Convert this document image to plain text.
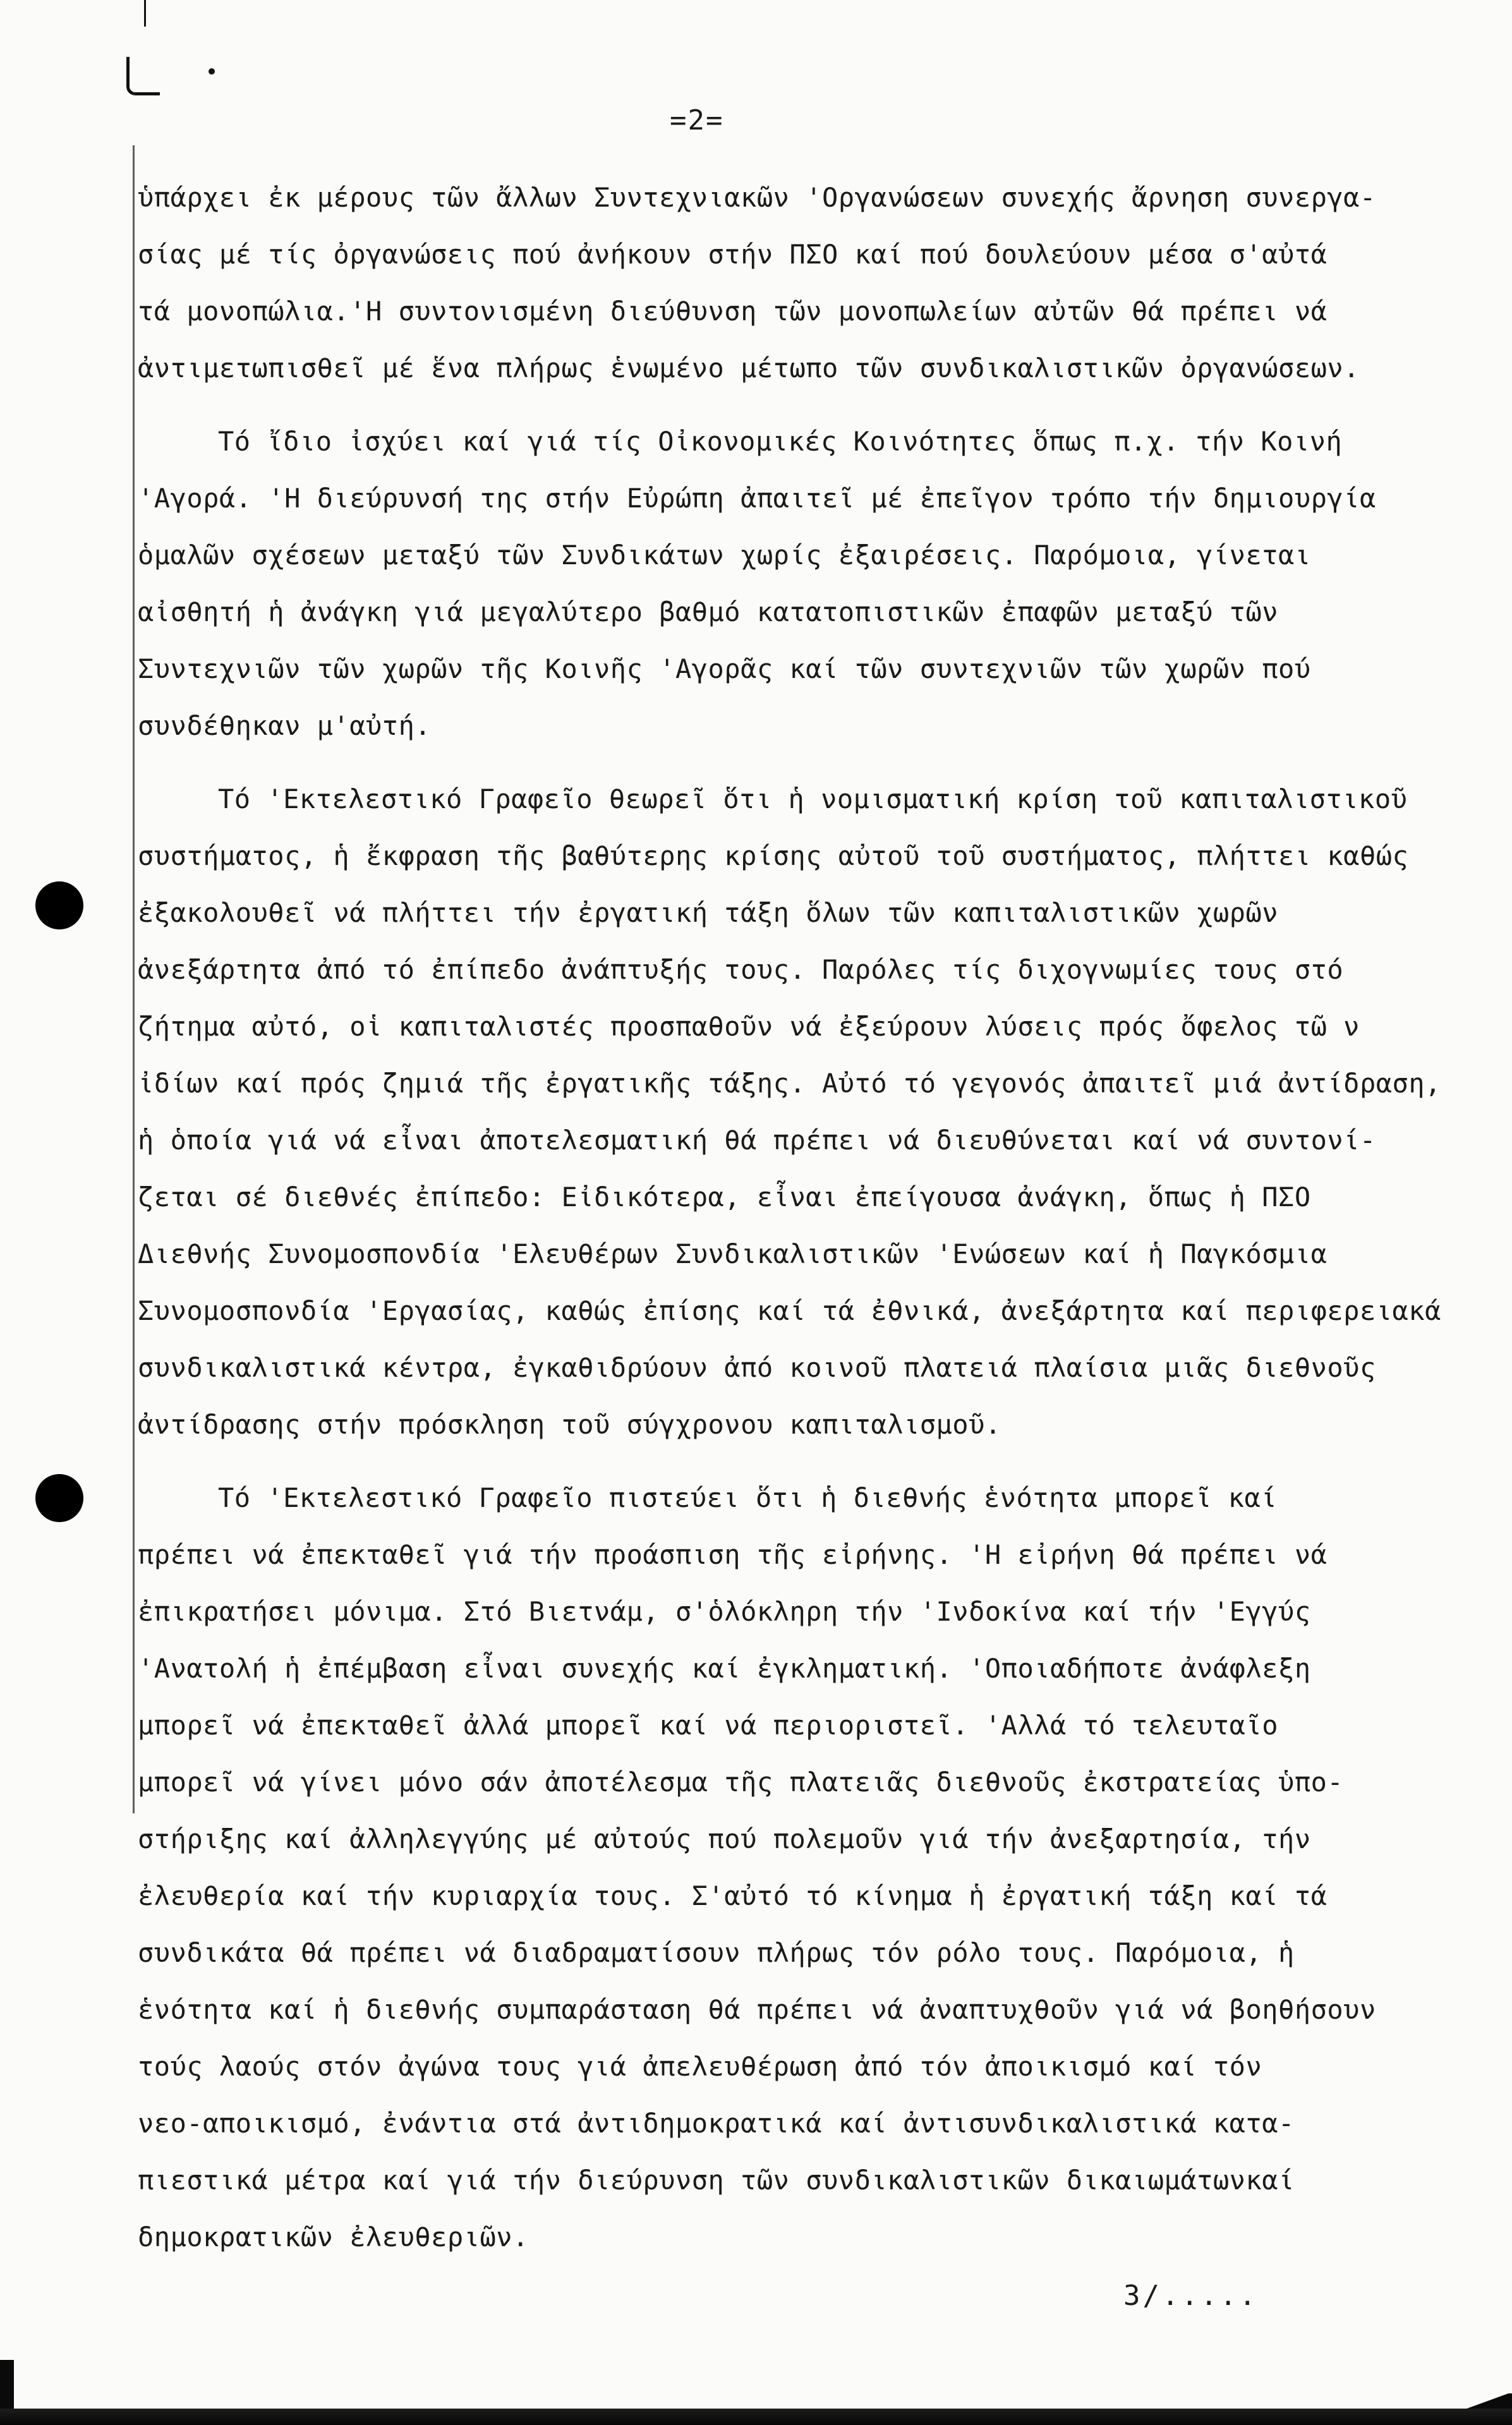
=2=
ὑπάρχει ἐκ μέρους τῶν ἄλλων Συντεχνιακῶν 'Οργανώσεων συνεχής ἄρνηση συνεργα-
σίας μέ τίς ὀργανώσεις πού ἀνήκουν στήν ΠΣΟ καί πού δουλεύουν μέσα σ'αὐτά
τά μονοπώλια.'Η συντονισμένη διεύθυνση τῶν μονοπωλείων αὐτῶν θά πρέπει νά
ἀντιμετωπισθεῖ μέ ἕνα πλήρως ἑνωμένο μέτωπο τῶν συνδικαλιστικῶν ὀργανώσεων.
Τό ἴδιο ἰσχύει καί γιά τίς Οἰκονομικές Κοινότητες ὅπως π.χ. τήν Κοινή
'Αγορά. 'Η διεύρυνσή της στήν Εὐρώπη ἀπαιτεῖ μέ ἐπεῖγον τρόπο τήν δημιουργία
ὁμαλῶν σχέσεων μεταξύ τῶν Συνδικάτων χωρίς ἐξαιρέσεις. Παρόμοια, γίνεται
αἰσθητή ἡ ἀνάγκη γιά μεγαλύτερο βαθμό κατατοπιστικῶν ἐπαφῶν μεταξύ τῶν
Συντεχνιῶν τῶν χωρῶν τῆς Κοινῆς 'Αγορᾶς καί τῶν συντεχνιῶν τῶν χωρῶν πού
συνδέθηκαν μ'αὐτή.
Τό 'Εκτελεστικό Γραφεῖο θεωρεῖ ὅτι ἡ νομισματική κρίση τοῦ καπιταλιστικοῦ
συστήματος, ἡ ἔκφραση τῆς βαθύτερης κρίσης αὐτοῦ τοῦ συστήματος, πλήττει καθώς
ἐξακολουθεῖ νά πλήττει τήν ἐργατική τάξη ὅλων τῶν καπιταλιστικῶν χωρῶν
ἀνεξάρτητα ἀπό τό ἐπίπεδο ἀνάπτυξής τους. Παρόλες τίς διχογνωμίες τους στό
ζήτημα αὐτό, οἱ καπιταλιστές προσπαθοῦν νά ἐξεύρουν λύσεις πρός ὄφελος τῶ ν
ἰδίων καί πρός ζημιά τῆς ἐργατικῆς τάξης. Αὐτό τό γεγονός ἀπαιτεῖ μιά ἀντίδραση,
ἡ ὁποία γιά νά εἶναι ἀποτελεσματική θά πρέπει νά διευθύνεται καί νά συντονί-
ζεται σέ διεθνές ἐπίπεδο: Εἰδικότερα, εἶναι ἐπείγουσα ἀνάγκη, ὅπως ἡ ΠΣΟ
Διεθνής Συνομοσπονδία 'Ελευθέρων Συνδικαλιστικῶν 'Ενώσεων καί ἡ Παγκόσμια
Συνομοσπονδία 'Εργασίας, καθώς ἐπίσης καί τά ἐθνικά, ἀνεξάρτητα καί περιφερειακά
συνδικαλιστικά κέντρα, ἐγκαθιδρύουν ἀπό κοινοῦ πλατειά πλαίσια μιᾶς διεθνοῦς
ἀντίδρασης στήν πρόσκληση τοῦ σύγχρονου καπιταλισμοῦ.
Τό 'Εκτελεστικό Γραφεῖο πιστεύει ὅτι ἡ διεθνής ἑνότητα μπορεῖ καί
πρέπει νά ἐπεκταθεῖ γιά τήν προάσπιση τῆς εἰρήνης. 'Η εἰρήνη θά πρέπει νά
ἐπικρατήσει μόνιμα. Στό Βιετνάμ, σ'ὁλόκληρη τήν 'Ινδοκίνα καί τήν 'Εγγύς
'Ανατολή ἡ ἐπέμβαση εἶναι συνεχής καί ἐγκληματική. 'Οποιαδήποτε ἀνάφλεξη
μπορεῖ νά ἐπεκταθεῖ ἀλλά μπορεῖ καί νά περιοριστεῖ. 'Αλλά τό τελευταῖο
μπορεῖ νά γίνει μόνο σάν ἀποτέλεσμα τῆς πλατειᾶς διεθνοῦς ἐκστρατείας ὑπο-
στήριξης καί ἀλληλεγγύης μέ αὐτούς πού πολεμοῦν γιά τήν ἀνεξαρτησία, τήν
ἐλευθερία καί τήν κυριαρχία τους. Σ'αὐτό τό κίνημα ἡ ἐργατική τάξη καί τά
συνδικάτα θά πρέπει νά διαδραματίσουν πλήρως τόν ρόλο τους. Παρόμοια, ἡ
ἑνότητα καί ἡ διεθνής συμπαράσταση θά πρέπει νά ἀναπτυχθοῦν γιά νά βοηθήσουν
τούς λαούς στόν ἀγώνα τους γιά ἀπελευθέρωση ἀπό τόν ἀποικισμό καί τόν
νεο-αποικισμό, ἐνάντια στά ἀντιδημοκρατικά καί ἀντισυνδικαλιστικά κατα-
πιεστικά μέτρα καί γιά τήν διεύρυνση τῶν συνδικαλιστικῶν δικαιωμάτωνκαί
δημοκρατικῶν ἐλευθεριῶν.
3/.....
